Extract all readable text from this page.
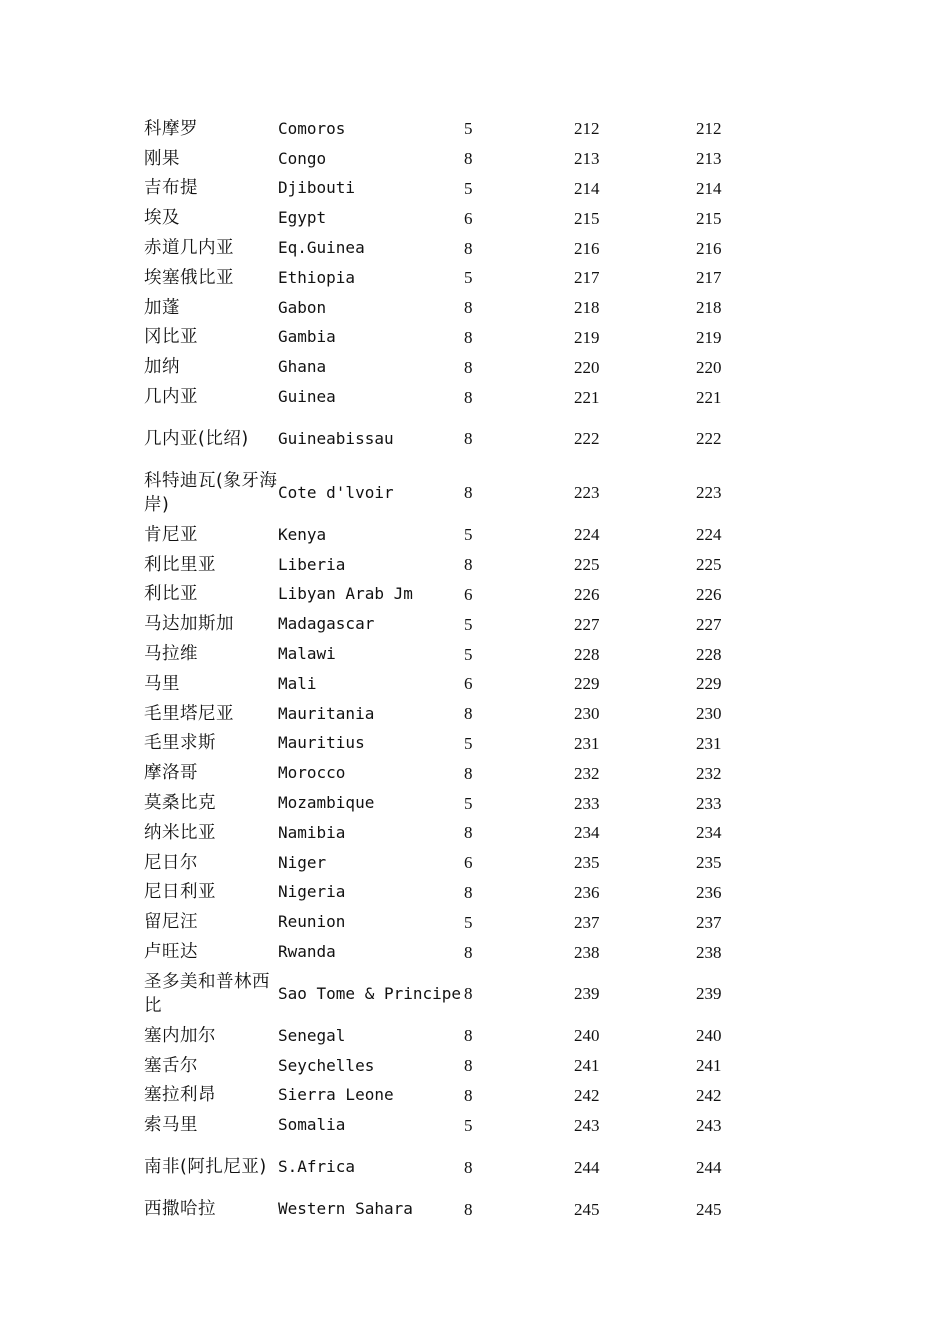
科摩罗	Comoros	5	212	212
刚果	Congo	8	213	213
吉布提	Djibouti	5	214	214
埃及	Egypt	6	215	215
赤道几内亚	Eq.Guinea	8	216	216
埃塞俄比亚	Ethiopia	5	217	217
加蓬	Gabon	8	218	218
冈比亚	Gambia	8	219	219
加纳	Ghana	8	220	220
几内亚	Guinea	8	221	221
几内亚(比绍)	Guineabissau	8	222	222
科特迪瓦(象牙海岸)	Cote d'lvoir	8	223	223
肯尼亚	Kenya	5	224	224
利比里亚	Liberia	8	225	225
利比亚	Libyan Arab Jm	6	226	226
马达加斯加	Madagascar	5	227	227
马拉维	Malawi	5	228	228
马里	Mali	6	229	229
毛里塔尼亚	Mauritania	8	230	230
毛里求斯	Mauritius	5	231	231
摩洛哥	Morocco	8	232	232
莫桑比克	Mozambique	5	233	233
纳米比亚	Namibia	8	234	234
尼日尔	Niger	6	235	235
尼日利亚	Nigeria	8	236	236
留尼汪	Reunion	5	237	237
卢旺达	Rwanda	8	238	238
圣多美和普林西比	Sao Tome & Principe	8	239	239
塞内加尔	Senegal	8	240	240
塞舌尔	Seychelles	8	241	241
塞拉利昂	Sierra Leone	8	242	242
索马里	Somalia	5	243	243
南非(阿扎尼亚)	S.Africa	8	244	244
西撒哈拉	Western Sahara	8	245	245
